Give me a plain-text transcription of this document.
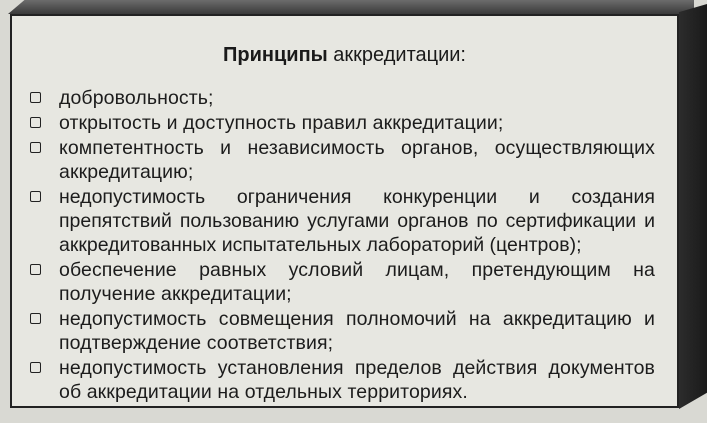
Принципы аккредитации:
добровольность;
открытость и доступность правил аккредитации;
компетентность и независимость органов, осуществляющих аккредитацию;
недопустимость ограничения конкуренции и создания препятствий пользованию услугами органов по сертификации и аккредитованных испытательных лабораторий (центров);
обеспечение равных условий лицам, претендующим на получение аккредитации;
недопустимость совмещения полномочий на аккредитацию и подтверждение соответствия;
недопустимость установления пределов действия документов об аккредитации на отдельных территориях.
